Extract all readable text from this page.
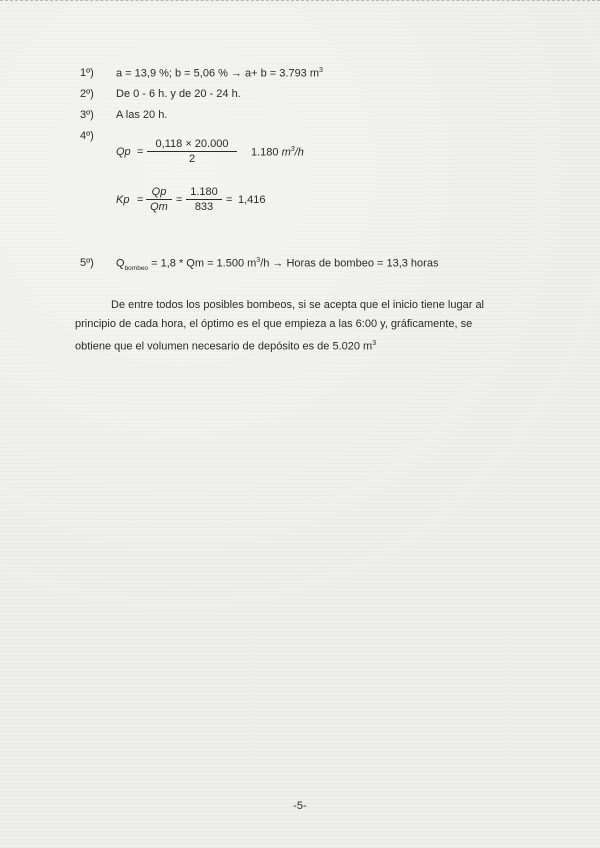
1º) a = 13,9 %; b = 5,06 % → a+ b = 3.793 $m^3$
2º) De 0 - 6 h. y de 20 - 24 h.
3º) A las 20 h.
4º)
$Qp = \frac{0,118 \times 20.000}{2} 1.180$ $m^3/h$
$Kp = \frac{Qp}{Qm} = \frac{1.180}{833} = 1,416$
5º) $Q_{bombeo} = 1,8 * Qm = 1.500$ $m^3/h$ → Horas de bombeo = 13,3 horas
De entre todos los posibles bombeos, si se acepta que el inicio tiene lugar al
principio de cada hora, el óptimo es el que empieza a las 6:00 y, gráficamente, se
obtiene que el volumen necesario de depósito es de 5.020 $m^3$
-5-
